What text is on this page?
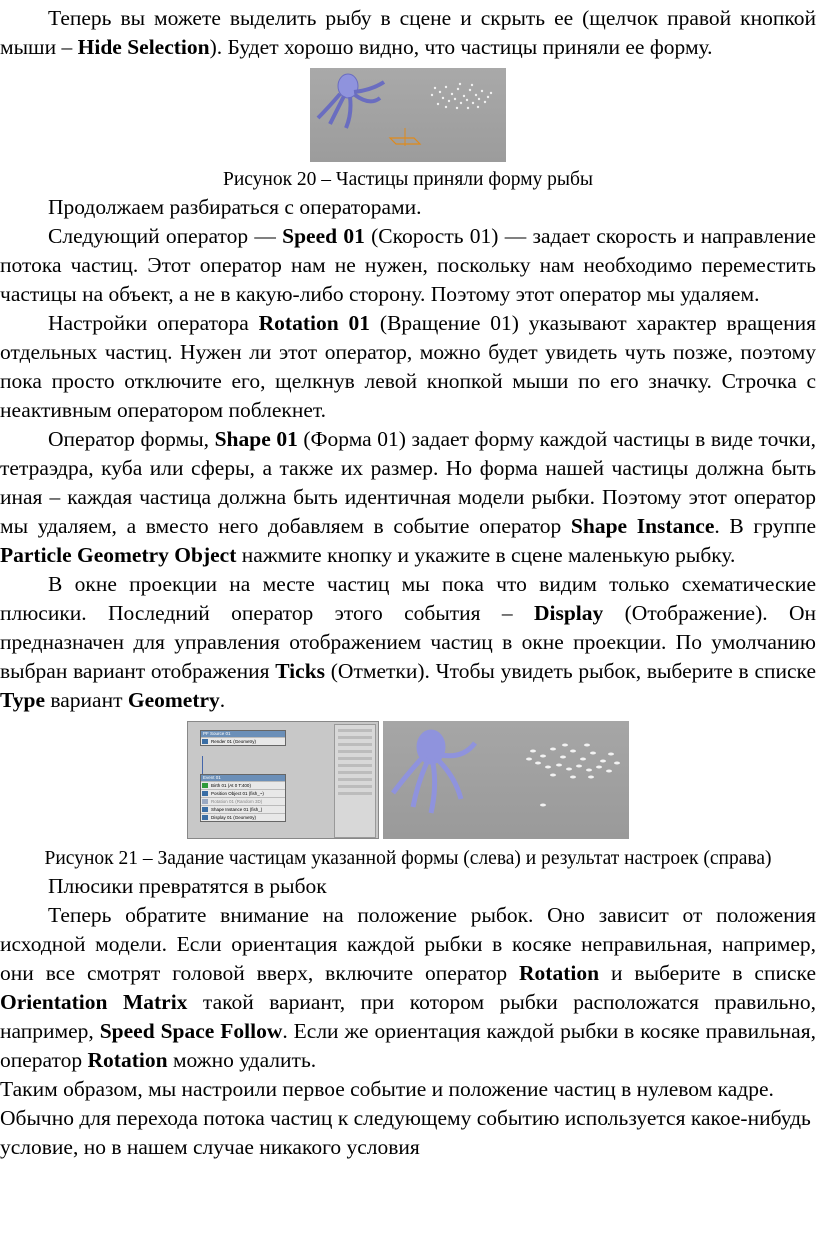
Теперь вы можете выделить рыбу в сцене и скрыть ее (щелчок правой кнопкой мыши – Hide Selection). Будет хорошо видно, что частицы приняли ее форму.

Рисунок 20 – Частицы приняли форму рыбы

Продолжаем разбираться с операторами.

Следующий оператор — Speed 01 (Скорость 01) — задает скорость и направление потока частиц. Этот оператор нам не нужен, поскольку нам необходимо переместить частицы на объект, а не в какую-либо сторону. Поэтому этот оператор мы удаляем.

Настройки оператора Rotation 01 (Вращение 01) указывают характер вращения отдельных частиц. Нужен ли этот оператор, можно будет увидеть чуть позже, поэтому пока просто отключите его, щелкнув левой кнопкой мыши по его значку. Строчка с неактивным оператором поблекнет.

Оператор формы, Shape 01 (Форма 01) задает форму каждой частицы в виде точки, тетраэдра, куба или сферы, а также их размер. Но форма нашей частицы должна быть иная – каждая частица должна быть идентичная модели рыбки. Поэтому этот оператор мы удаляем, а вместо него добавляем в событие оператор Shape Instance. В группе Particle Geometry Object нажмите кнопку и укажите в сцене маленькую рыбку.

В окне проекции на месте частиц мы пока что видим только схематические плюсики. Последний оператор этого события – Display (Отображение). Он предназначен для управления отображением частиц в окне проекции. По умолчанию выбран вариант отображения Ticks (Отметки). Чтобы увидеть рыбок, выберите в списке Type вариант Geometry.

PF Source 01
Render 01 (Geometry)
Event 01
Birth 01 (At 0 T:400)
Position Object 01 (fish_~)
Rotation 01 (Random 3D)
Shape Instance 01 (fish_)
Display 01 (Geometry)

Рисунок 21 – Задание частицам указанной формы (слева) и результат настроек (справа)

Плюсики превратятся в рыбок

Теперь обратите внимание на положение рыбок. Оно зависит от положения исходной модели. Если ориентация каждой рыбки в косяке неправильная, например, они все смотрят головой вверх, включите оператор Rotation и выберите в списке Orientation Matrix такой вариант, при котором рыбки расположатся правильно, например, Speed Space Follow. Если же ориентация каждой рыбки в косяке правильная, оператор Rotation можно удалить.

Таким образом, мы настроили первое событие и положение частиц в нулевом кадре. Обычно для перехода потока частиц к следующему событию используется какое-нибудь условие, но в нашем случае никакого условия
